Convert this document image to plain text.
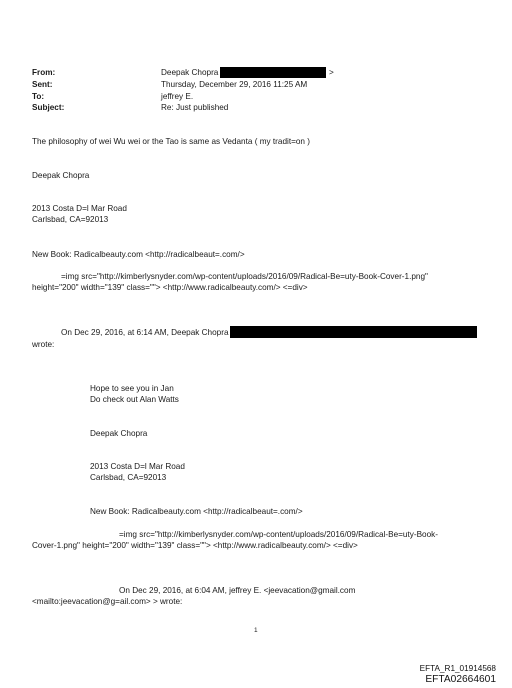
From:
Sent:
To:
Subject:
Deepak Chopra	>
Thursday, December 29, 2016 11:25 AM
jeffrey E.
Re: Just published
The philosophy of wei Wu wei or the Tao is same as Vedanta ( my tradit=on )
Deepak Chopra
2013 Costa D=l Mar Road
Carlsbad, CA=92013
New Book: Radicalbeauty.com <http://radicalbeaut=.com/>
=img src="http://kimberlysnyder.com/wp-content/uploads/2016/09/Radical-Be=uty-Book-Cover-1.png"
height="200" width="139" class=""> <http://www.radicalbeauty.com/> <=div>
On Dec 29, 2016, at 6:14 AM, Deepak Chopra
wrote:
Hope to see you in Jan
Do check out Alan Watts
Deepak Chopra
2013 Costa D=l Mar Road
Carlsbad, CA=92013
New Book: Radicalbeauty.com <http://radicalbeaut=.com/>
=img src="http://kimberlysnyder.com/wp-content/uploads/2016/09/Radical-Be=uty-Book-
Cover-1.png" height="200" width="139" class=""> <http://www.radicalbeauty.com/> <=div>
On Dec 29, 2016, at 6:04 AM, jeffrey E. <jeevacation@gmail.com
<mailto:jeevacation@g=ail.com> > wrote:
1
EFTA_R1_01914568
EFTA02664601
